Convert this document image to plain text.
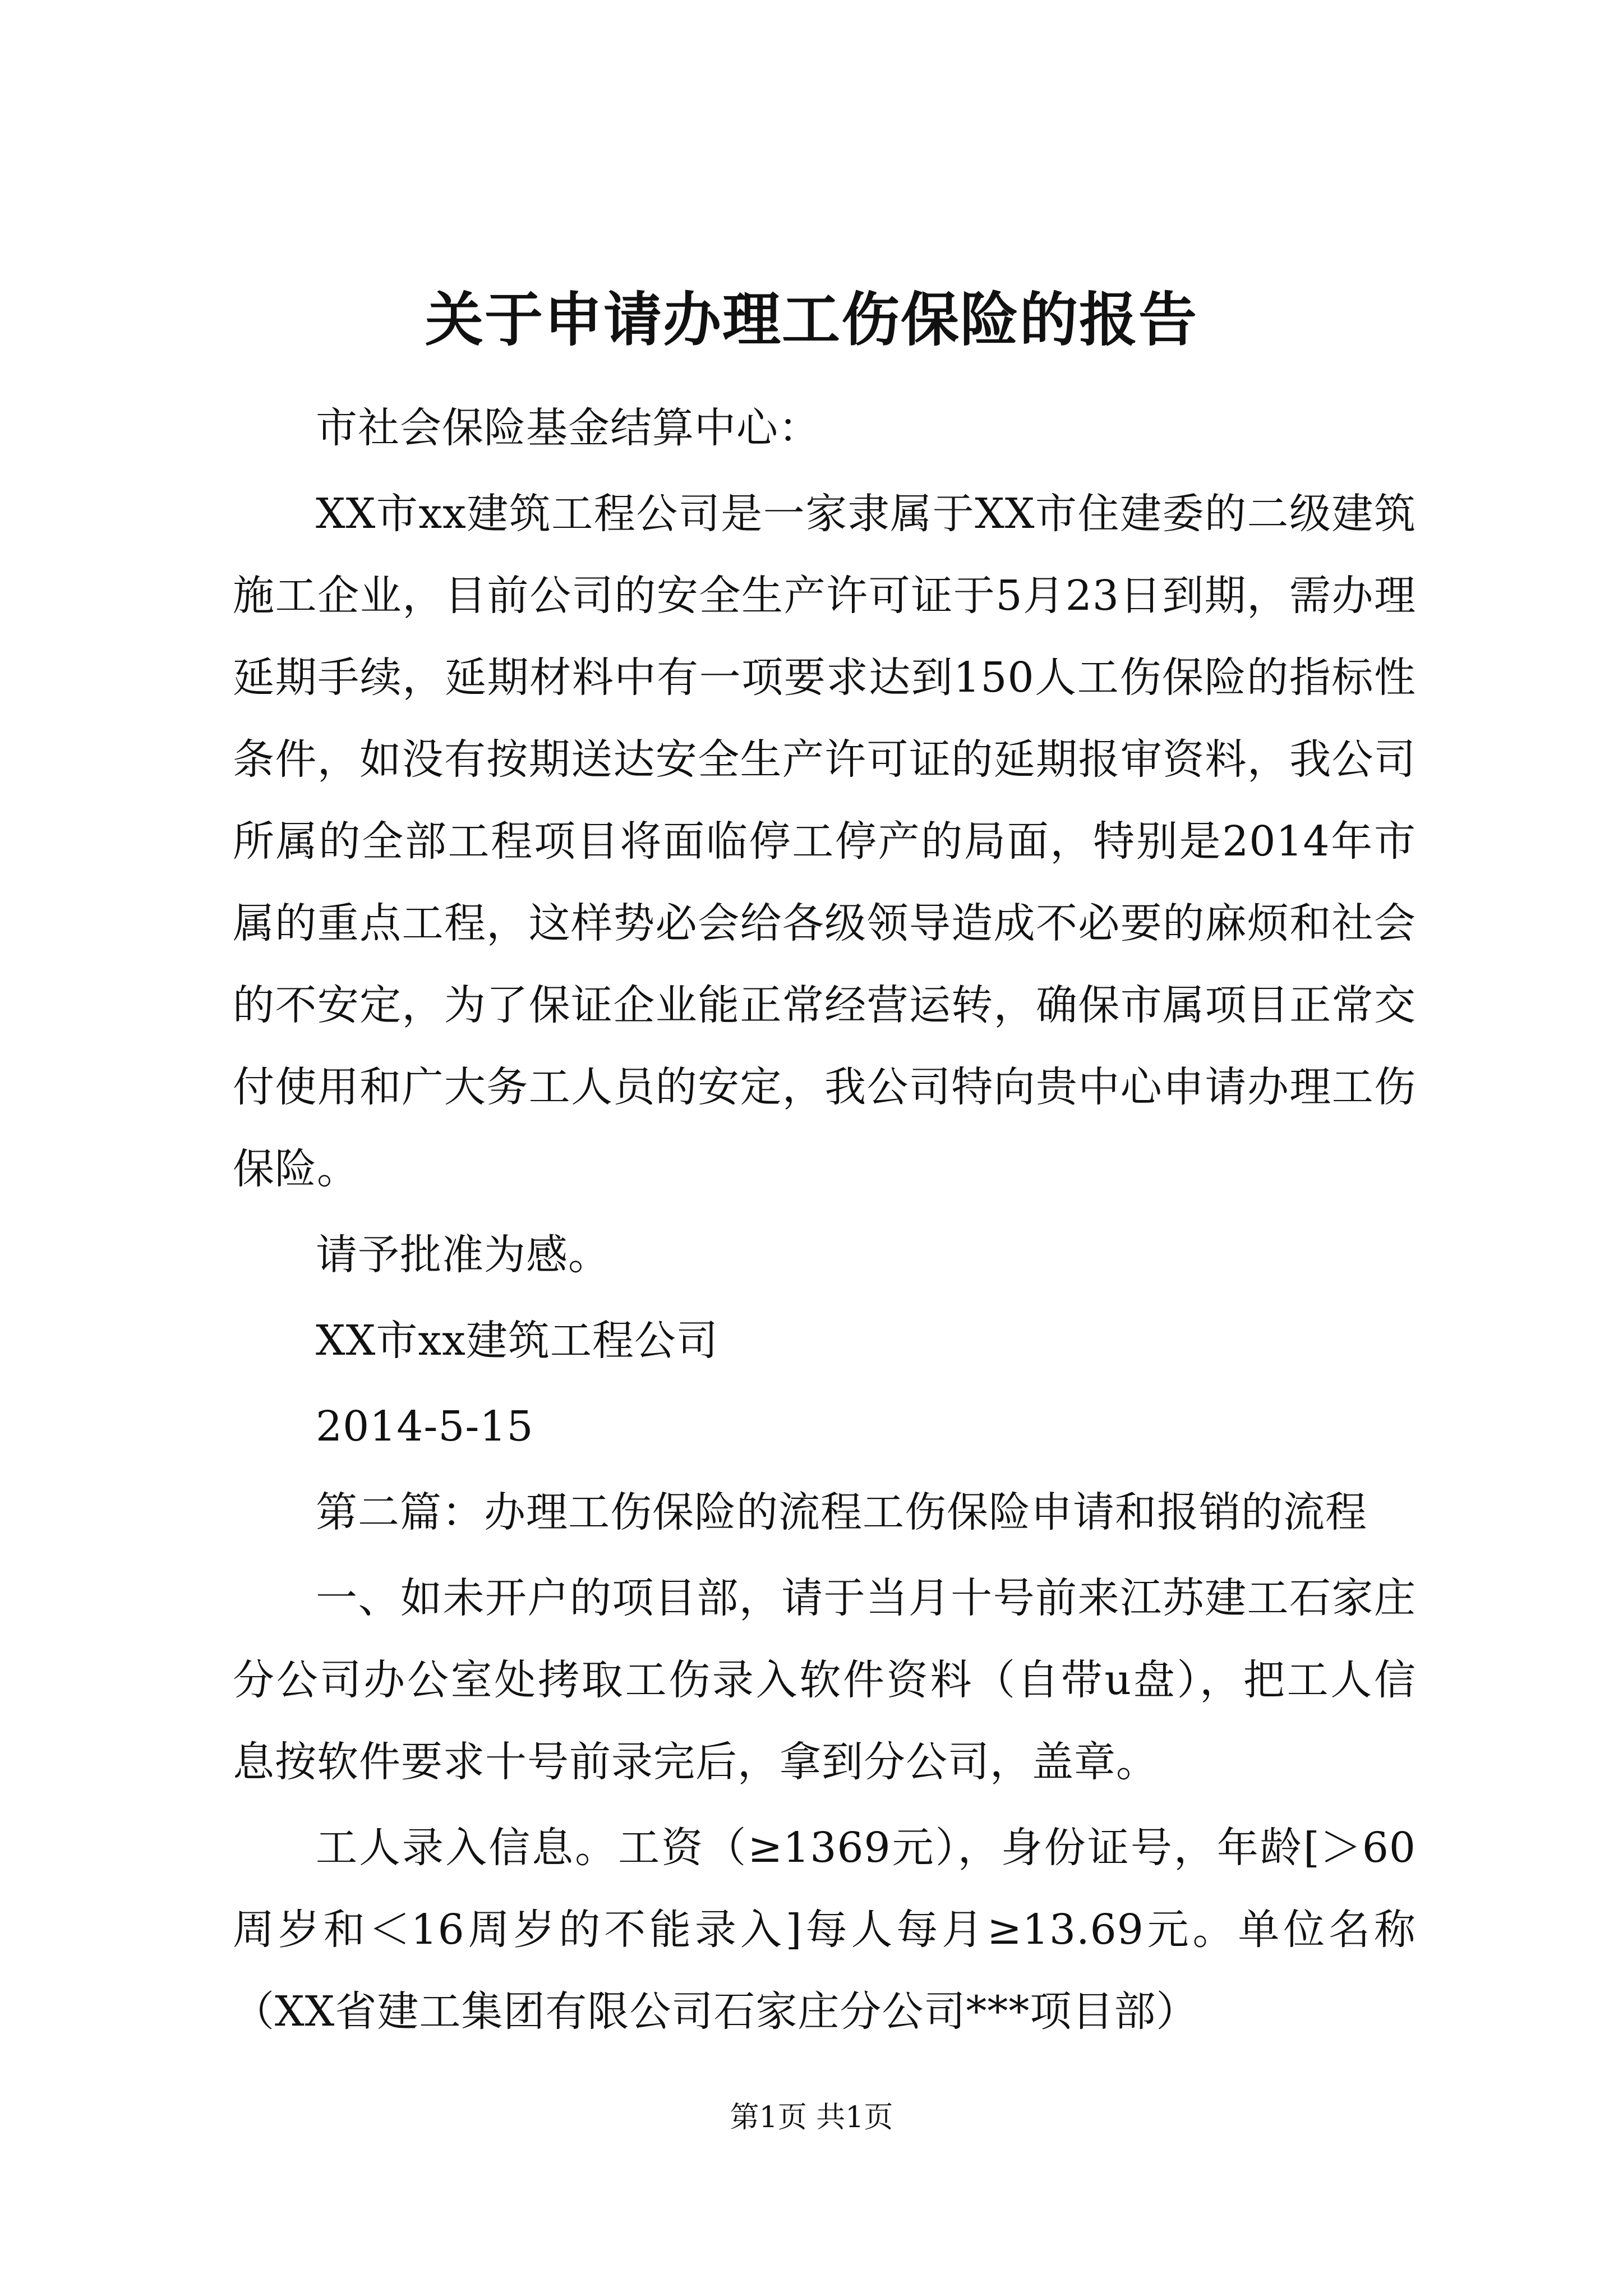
关于申请办理工伤保险的报告

市社会保险基金结算中心：

XX市xx建筑工程公司是一家隶属于XX市住建委的二级建筑施工企业，目前公司的安全生产许可证于5月23日到期，需办理延期手续，延期材料中有一项要求达到150人工伤保险的指标性条件，如没有按期送达安全生产许可证的延期报审资料，我公司所属的全部工程项目将面临停工停产的局面，特别是2014年市属的重点工程，这样势必会给各级领导造成不必要的麻烦和社会的不安定，为了保证企业能正常经营运转，确保市属项目正常交付使用和广大务工人员的安定，我公司特向贵中心申请办理工伤保险。

请予批准为感。

XX市xx建筑工程公司

2014-5-15

第二篇：办理工伤保险的流程工伤保险申请和报销的流程

一、如未开户的项目部，请于当月十号前来江苏建工石家庄分公司办公室处拷取工伤录入软件资料（自带u盘），把工人信息按软件要求十号前录完后，拿到分公司，盖章。

工人录入信息。工资（≥1369元），身份证号，年龄[＞60周岁和＜16周岁的不能录入]每人每月≥13.69元。单位名称（XX省建工集团有限公司石家庄分公司***项目部）

第1页 共1页
